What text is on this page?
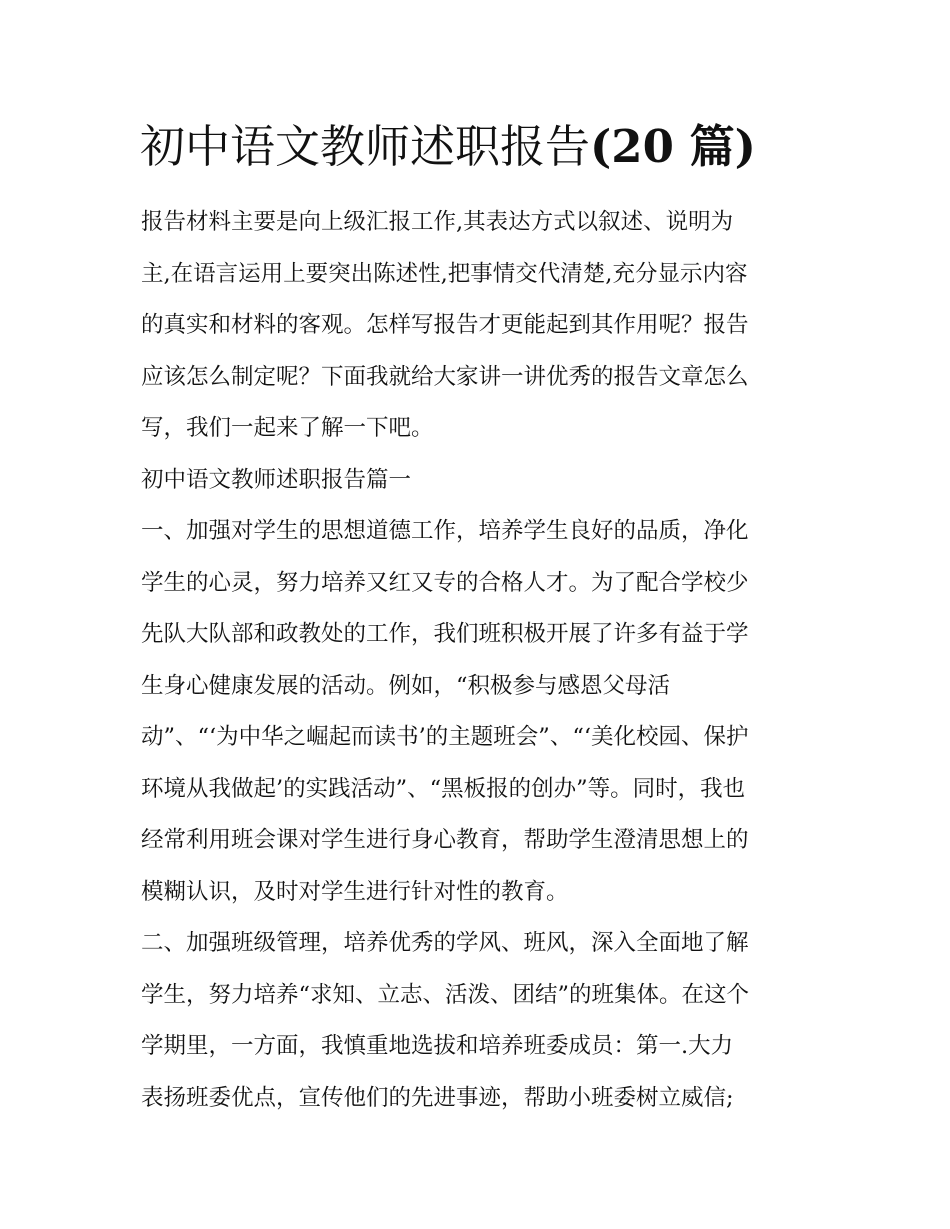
初中语文教师述职报告(20 篇)
报告材料主要是向上级汇报工作,其表达方式以叙述、说明为
主,在语言运用上要突出陈述性,把事情交代清楚,充分显示内容
的真实和材料的客观。怎样写报告才更能起到其作用呢？报告
应该怎么制定呢？下面我就给大家讲一讲优秀的报告文章怎么
写，我们一起来了解一下吧。
初中语文教师述职报告篇一
一、加强对学生的思想道德工作，培养学生良好的品质，净化
学生的心灵，努力培养又红又专的合格人才。为了配合学校少
先队大队部和政教处的工作，我们班积极开展了许多有益于学
生身心健康发展的活动。例如，“积极参与感恩父母活
动”、“‘为中华之崛起而读书’的主题班会”、“‘美化校园、保护
环境从我做起’的实践活动”、“黑板报的创办”等。同时，我也
经常利用班会课对学生进行身心教育，帮助学生澄清思想上的
模糊认识，及时对学生进行针对性的教育。
二、加强班级管理，培养优秀的学风、班风，深入全面地了解
学生，努力培养“求知、立志、活泼、团结”的班集体。在这个
学期里，一方面，我慎重地选拔和培养班委成员：第一.大力
表扬班委优点，宣传他们的先进事迹，帮助小班委树立威信;
